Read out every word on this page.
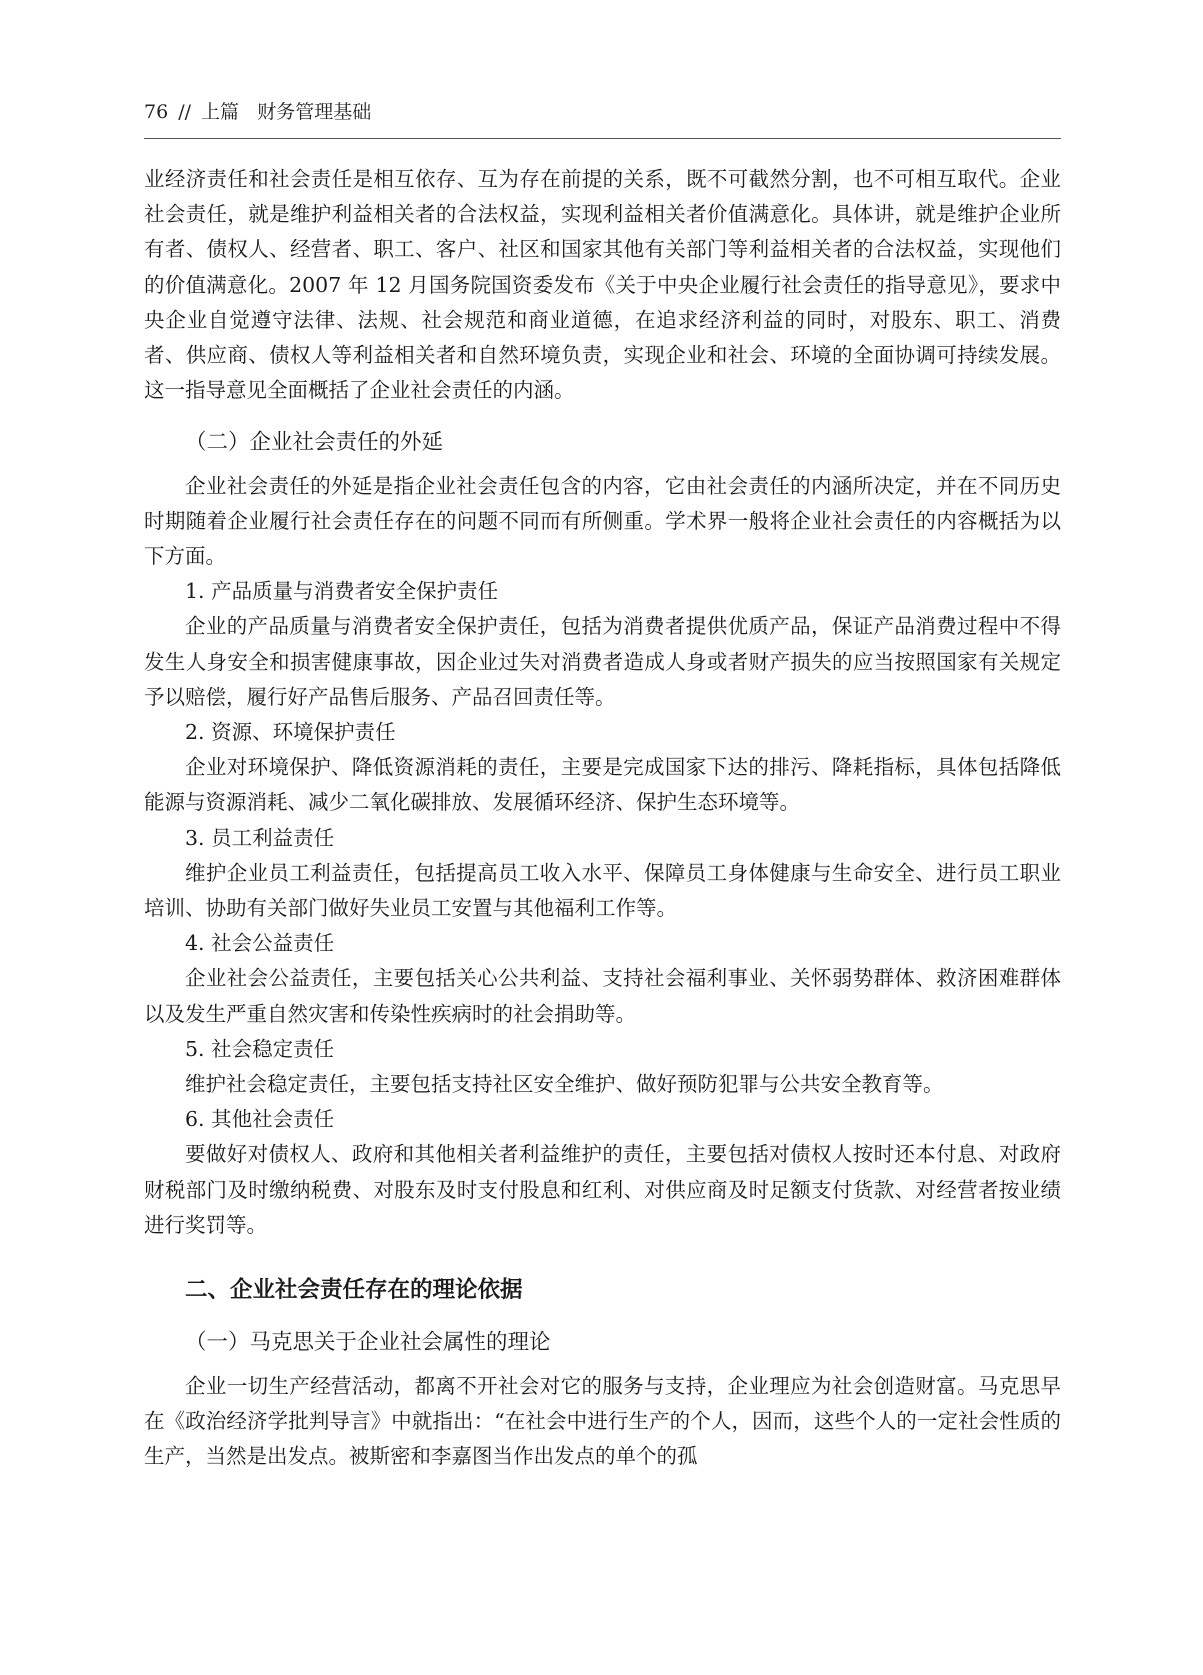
76 // 上篇 财务管理基础

业经济责任和社会责任是相互依存、互为存在前提的关系，既不可截然分割，也不可相互取代。企业社会责任，就是维护利益相关者的合法权益，实现利益相关者价值满意化。具体讲，就是维护企业所有者、债权人、经营者、职工、客户、社区和国家其他有关部门等利益相关者的合法权益，实现他们的价值满意化。2007 年 12 月国务院国资委发布《关于中央企业履行社会责任的指导意见》，要求中央企业自觉遵守法律、法规、社会规范和商业道德，在追求经济利益的同时，对股东、职工、消费者、供应商、债权人等利益相关者和自然环境负责，实现企业和社会、环境的全面协调可持续发展。这一指导意见全面概括了企业社会责任的内涵。

（二）企业社会责任的外延

企业社会责任的外延是指企业社会责任包含的内容，它由社会责任的内涵所决定，并在不同历史时期随着企业履行社会责任存在的问题不同而有所侧重。学术界一般将企业社会责任的内容概括为以下方面。

1. 产品质量与消费者安全保护责任

企业的产品质量与消费者安全保护责任，包括为消费者提供优质产品，保证产品消费过程中不得发生人身安全和损害健康事故，因企业过失对消费者造成人身或者财产损失的应当按照国家有关规定予以赔偿，履行好产品售后服务、产品召回责任等。

2. 资源、环境保护责任

企业对环境保护、降低资源消耗的责任，主要是完成国家下达的排污、降耗指标，具体包括降低能源与资源消耗、减少二氧化碳排放、发展循环经济、保护生态环境等。

3. 员工利益责任

维护企业员工利益责任，包括提高员工收入水平、保障员工身体健康与生命安全、进行员工职业培训、协助有关部门做好失业员工安置与其他福利工作等。

4. 社会公益责任

企业社会公益责任，主要包括关心公共利益、支持社会福利事业、关怀弱势群体、救济困难群体以及发生严重自然灾害和传染性疾病时的社会捐助等。

5. 社会稳定责任

维护社会稳定责任，主要包括支持社区安全维护、做好预防犯罪与公共安全教育等。

6. 其他社会责任

要做好对债权人、政府和其他相关者利益维护的责任，主要包括对债权人按时还本付息、对政府财税部门及时缴纳税费、对股东及时支付股息和红利、对供应商及时足额支付货款、对经营者按业绩进行奖罚等。

二、企业社会责任存在的理论依据
（一）马克思关于企业社会属性的理论

企业一切生产经营活动，都离不开社会对它的服务与支持，企业理应为社会创造财富。马克思早在《政治经济学批判导言》中就指出：“在社会中进行生产的个人，因而，这些个人的一定社会性质的生产，当然是出发点。被斯密和李嘉图当作出发点的单个的孤
